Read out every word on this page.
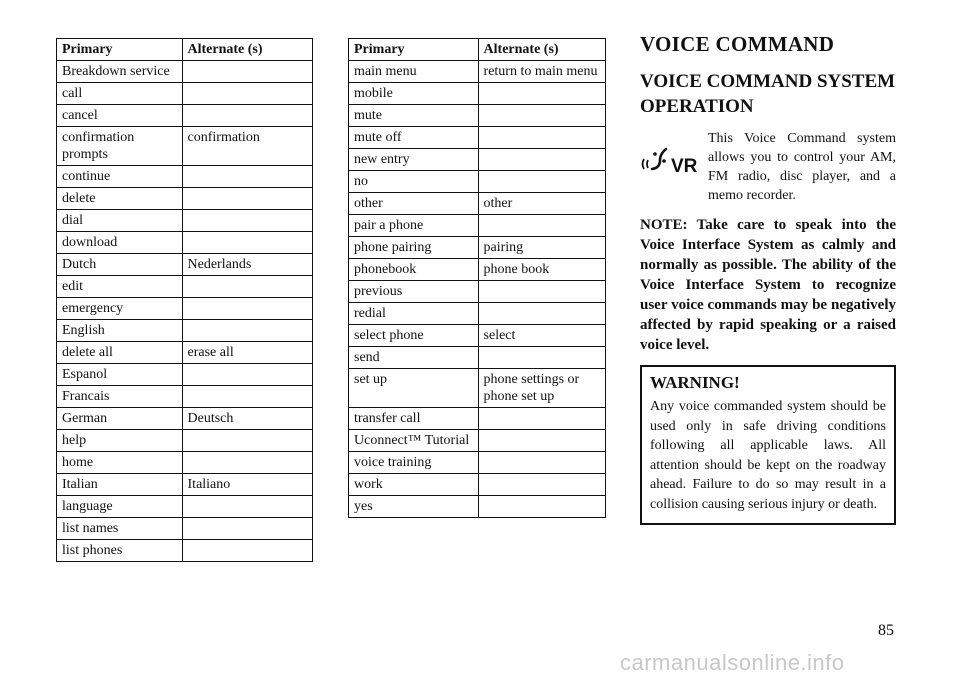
Primary	Alternate (s)
Breakdown service	
call	
cancel	
confirmation prompts	confirmation
continue	
delete	
dial	
download	
Dutch	Nederlands
edit	
emergency	
English	
delete all	erase all
Espanol	
Francais	
German	Deutsch
help	
home	
Italian	Italiano
language	
list names	
list phones	
Primary	Alternate (s)
main menu	return to main menu
mobile	
mute	
mute off	
new entry	
no	
other	other
pair a phone	
phone pairing	pairing
phonebook	phone book
previous	
redial	
select phone	select
send	
set up	phone settings or phone set up
transfer call	
Uconnect™ Tutorial	
voice training	
work	
yes	
VOICE COMMAND
VOICE COMMAND SYSTEM OPERATION
VR

This Voice Command system allows you to control your AM, FM radio, disc player, and a memo recorder.

NOTE: Take care to speak into the Voice Interface System as calmly and normally as possible. The ability of the Voice Interface System to recognize user voice commands may be negatively affected by rapid speaking or a raised voice level.

WARNING!

Any voice commanded system should be used only in safe driving conditions following all applicable laws. All attention should be kept on the roadway ahead. Failure to do so may result in a collision causing serious injury or death.

85
carmanualsonline.info
